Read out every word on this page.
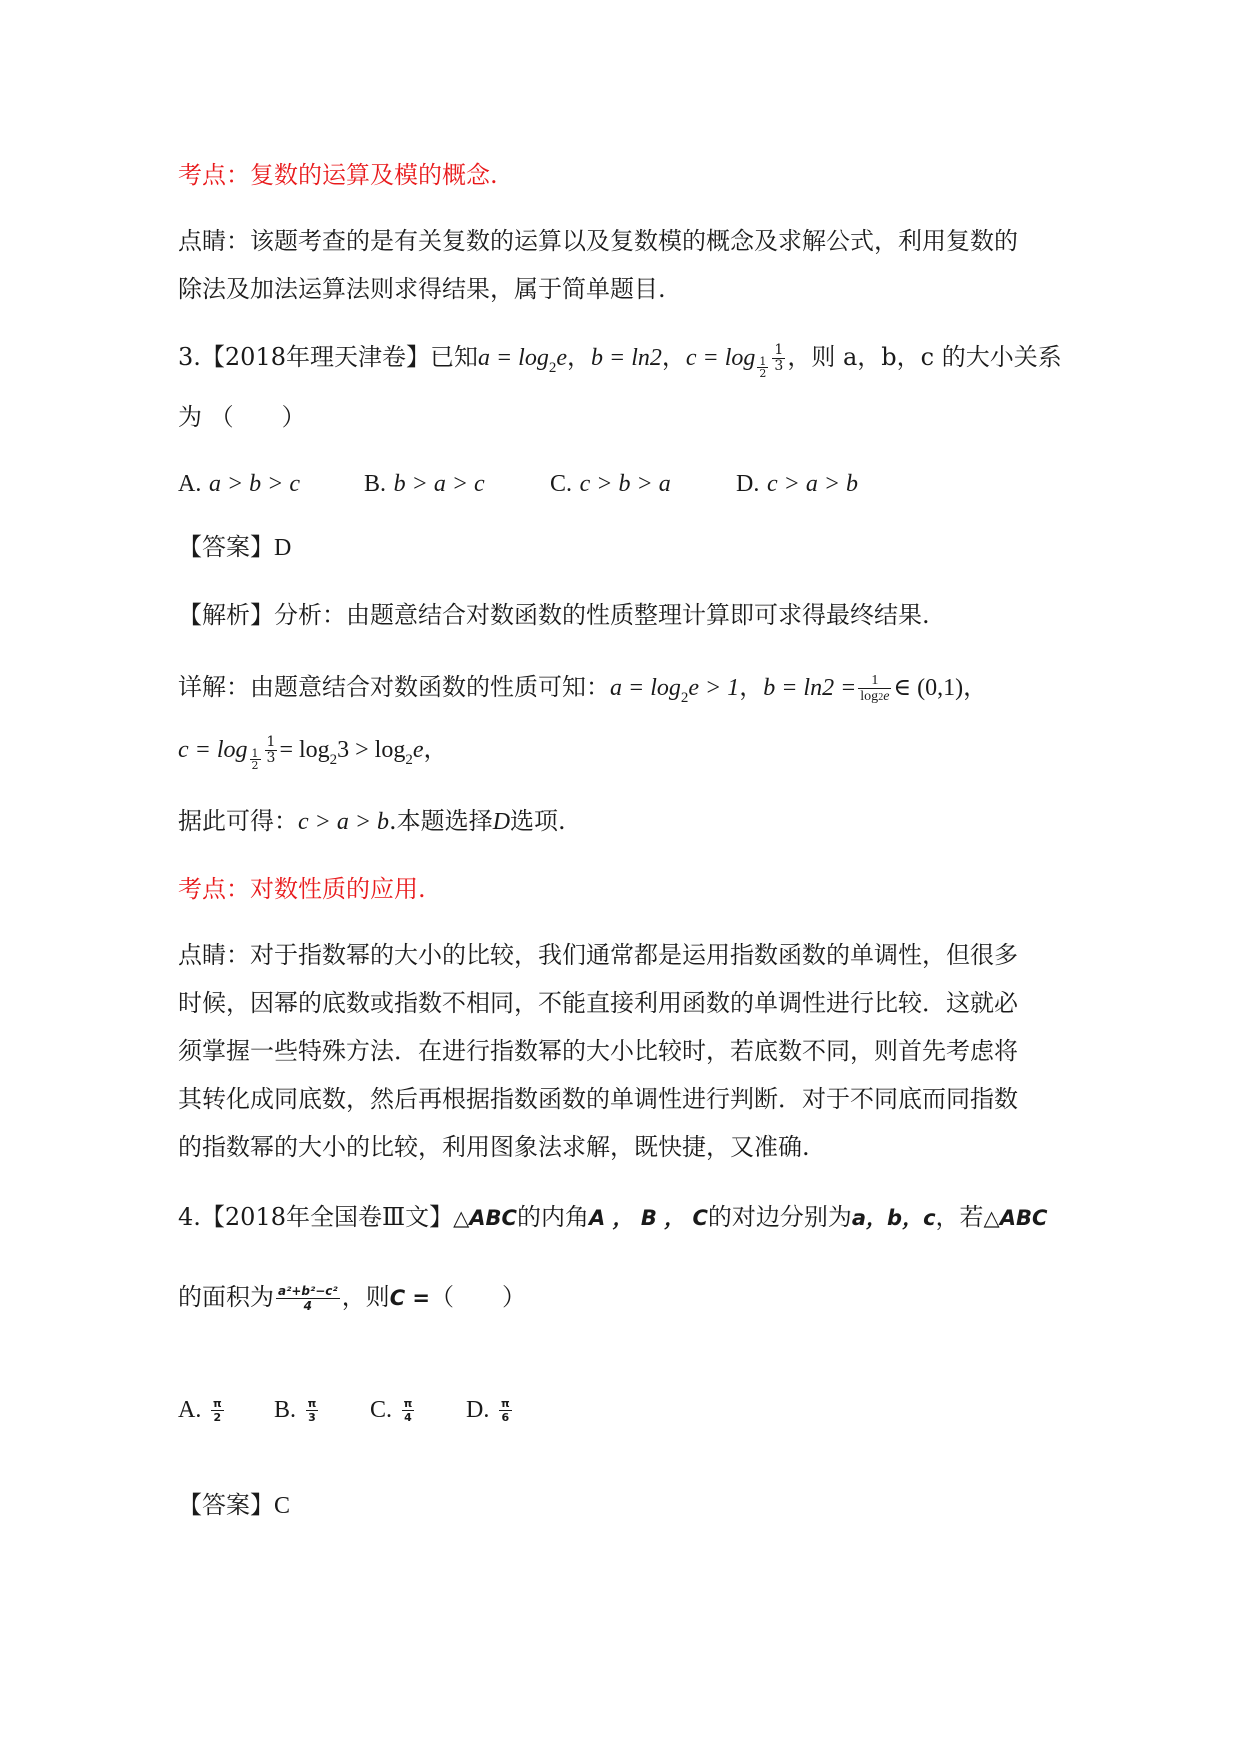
考点：复数的运算及模的概念.
点睛：该题考查的是有关复数的运算以及复数模的概念及求解公式，利用复数的
除法及加法运算法则求得结果，属于简单题目.
3.【2018年理天津卷】已知$a = \log_2e$，b = ln2，$c = \log \frac{1}{2} \frac{1}{3}$ ，则 a，b，c 的大小关系
为 （　　）
A. a > b > c	B. b > a > c	C. c > b > a	D. c > a > b
【答案】D
【解析】分析：由题意结合对数函数的性质整理计算即可求得最终结果.
详解：由题意结合对数函数的性质可知：$a = \log_2e > 1$，$b = \ln 2 = \frac{1}{\log 2e}$ ∈ (0,1)，
$c = \log \frac{1}{2} \frac{1}{3} = \log_23 > \log_2e$，
据此可得：c > a > b.本题选择D选项.
考点：对数性质的应用.
点睛：对于指数幂的大小的比较，我们通常都是运用指数函数的单调性，但很多
时候，因幂的底数或指数不相同，不能直接利用函数的单调性进行比较．这就必
须掌握一些特殊方法．在进行指数幂的大小比较时，若底数不同，则首先考虑将
其转化成同底数，然后再根据指数函数的单调性进行判断．对于不同底而同指数
的指数幂的大小的比较，利用图象法求解，既快捷，又准确.
4.【2018年全国卷Ⅲ文】△ABC的内角A ， B ， C的对边分别为a，b，c，若△ABC
的面积为 $\frac{\text{a²+b²−c²}}{4}$ ，则C =（　　）
A. $\frac{\pi}{2} B$. $\frac{\pi}{3} C$. $\frac{\pi}{4} D$. $\frac{\pi}{6}$
【答案】C
